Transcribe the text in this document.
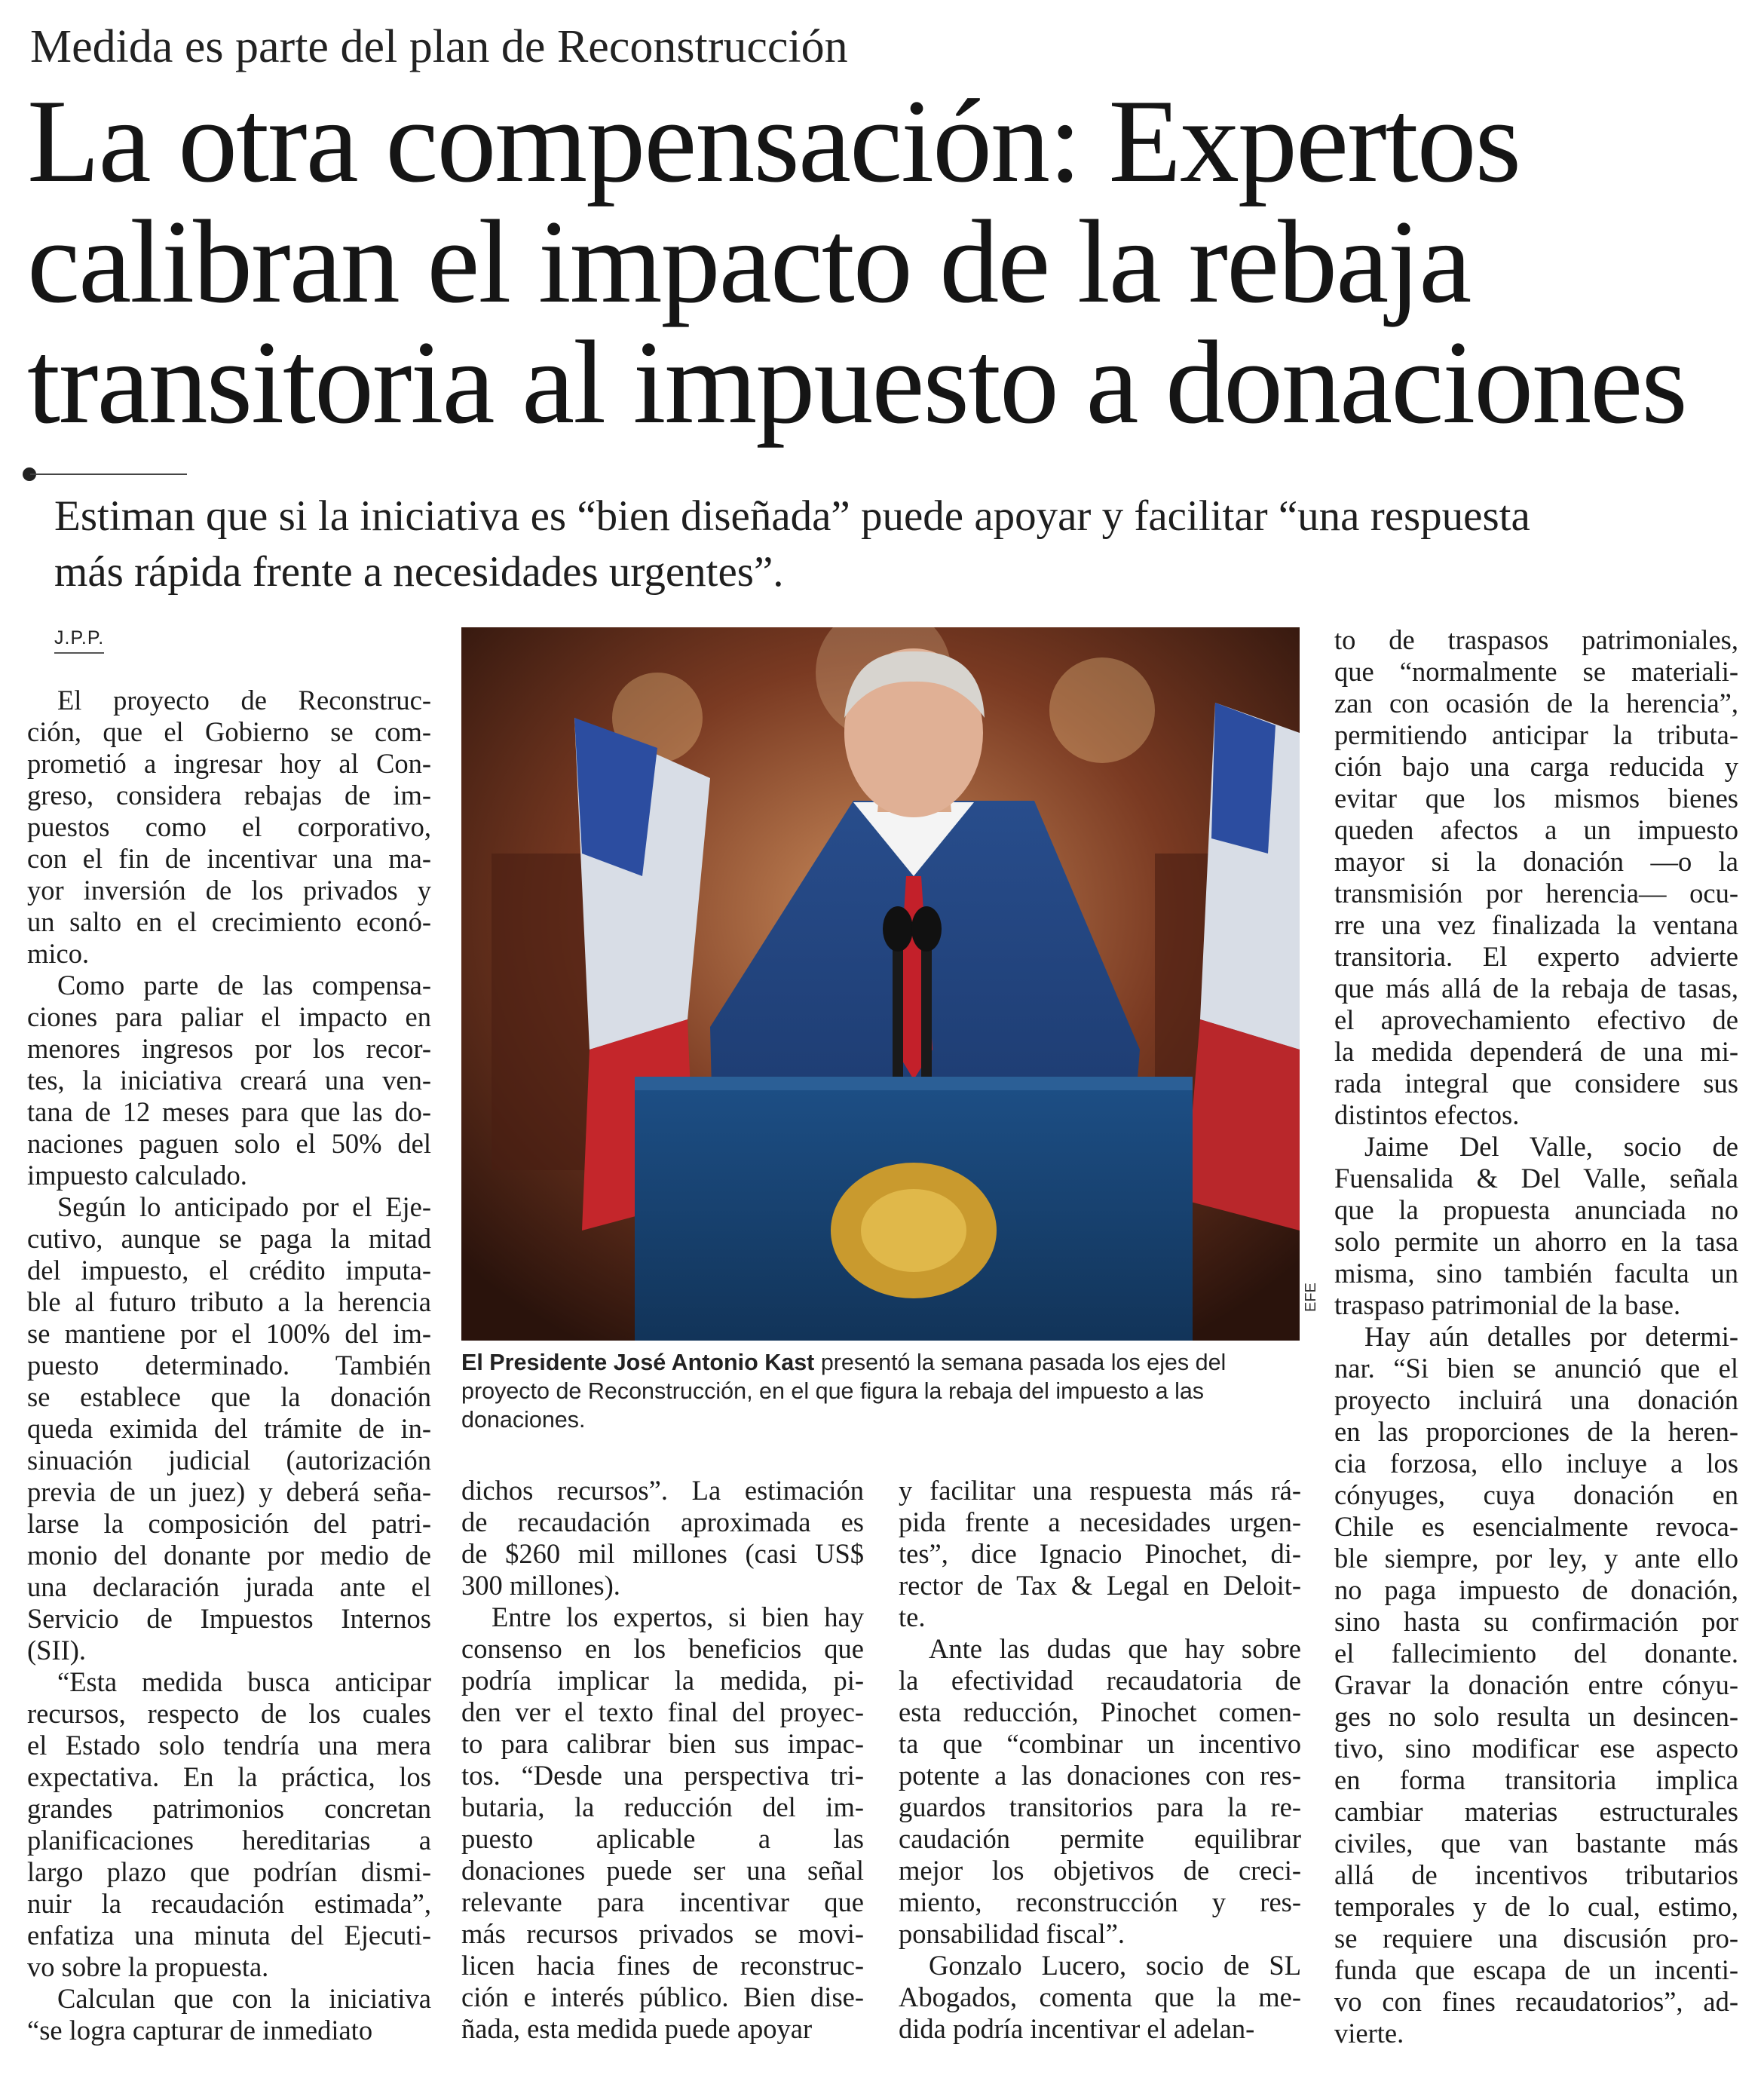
Medida es parte del plan de Reconstrucción
La otra compensación: Expertos
calibran el impacto de la rebaja
transitoria al impuesto a donaciones
Estiman que si la iniciativa es “bien diseñada” puede apoyar y facilitar “una respuesta
más rápida frente a necesidades urgentes”.
J.P.P.
El proyecto de Reconstruc-
ción, que el Gobierno se com-
prometió a ingresar hoy al Con-
greso, considera rebajas de im-
puestos como el corporativo,
con el fin de incentivar una ma-
yor inversión de los privados y
un salto en el crecimiento econó-
mico.
Como parte de las compensa-
ciones para paliar el impacto en
menores ingresos por los recor-
tes, la iniciativa creará una ven-
tana de 12 meses para que las do-
naciones paguen solo el 50% del
impuesto calculado.
Según lo anticipado por el Eje-
cutivo, aunque se paga la mitad
del impuesto, el crédito imputa-
ble al futuro tributo a la herencia
se mantiene por el 100% del im-
puesto determinado. También
se establece que la donación
queda eximida del trámite de in-
sinuación judicial (autorización
previa de un juez) y deberá seña-
larse la composición del patri-
monio del donante por medio de
una declaración jurada ante el
Servicio de Impuestos Internos
(SII).
“Esta medida busca anticipar
recursos, respecto de los cuales
el Estado solo tendría una mera
expectativa. En la práctica, los
grandes patrimonios concretan
planificaciones hereditarias a
largo plazo que podrían dismi-
nuir la recaudación estimada”,
enfatiza una minuta del Ejecuti-
vo sobre la propuesta.
Calculan que con la iniciativa
“se logra capturar de inmediato
EFE
El Presidente José Antonio Kast presentó la semana pasada los ejes del
proyecto de Reconstrucción, en el que figura la rebaja del impuesto a las
donaciones.
dichos recursos”. La estimación
de recaudación aproximada es
de $260 mil millones (casi US$
300 millones).
Entre los expertos, si bien hay
consenso en los beneficios que
podría implicar la medida, pi-
den ver el texto final del proyec-
to para calibrar bien sus impac-
tos. “Desde una perspectiva tri-
butaria, la reducción del im-
puesto aplicable a las
donaciones puede ser una señal
relevante para incentivar que
más recursos privados se movi-
licen hacia fines de reconstruc-
ción e interés público. Bien dise-
ñada, esta medida puede apoyar
y facilitar una respuesta más rá-
pida frente a necesidades urgen-
tes”, dice Ignacio Pinochet, di-
rector de Tax & Legal en Deloit-
te.
Ante las dudas que hay sobre
la efectividad recaudatoria de
esta reducción, Pinochet comen-
ta que “combinar un incentivo
potente a las donaciones con res-
guardos transitorios para la re-
caudación permite equilibrar
mejor los objetivos de creci-
miento, reconstrucción y res-
ponsabilidad fiscal”.
Gonzalo Lucero, socio de SL
Abogados, comenta que la me-
dida podría incentivar el adelan-
to de traspasos patrimoniales,
que “normalmente se materiali-
zan con ocasión de la herencia”,
permitiendo anticipar la tributa-
ción bajo una carga reducida y
evitar que los mismos bienes
queden afectos a un impuesto
mayor si la donación —o la
transmisión por herencia— ocu-
rre una vez finalizada la ventana
transitoria. El experto advierte
que más allá de la rebaja de tasas,
el aprovechamiento efectivo de
la medida dependerá de una mi-
rada integral que considere sus
distintos efectos.
Jaime Del Valle, socio de
Fuensalida & Del Valle, señala
que la propuesta anunciada no
solo permite un ahorro en la tasa
misma, sino también faculta un
traspaso patrimonial de la base.
Hay aún detalles por determi-
nar. “Si bien se anunció que el
proyecto incluirá una donación
en las proporciones de la heren-
cia forzosa, ello incluye a los
cónyuges, cuya donación en
Chile es esencialmente revoca-
ble siempre, por ley, y ante ello
no paga impuesto de donación,
sino hasta su confirmación por
el fallecimiento del donante.
Gravar la donación entre cónyu-
ges no solo resulta un desincen-
tivo, sino modificar ese aspecto
en forma transitoria implica
cambiar materias estructurales
civiles, que van bastante más
allá de incentivos tributarios
temporales y de lo cual, estimo,
se requiere una discusión pro-
funda que escapa de un incenti-
vo con fines recaudatorios”, ad-
vierte.
